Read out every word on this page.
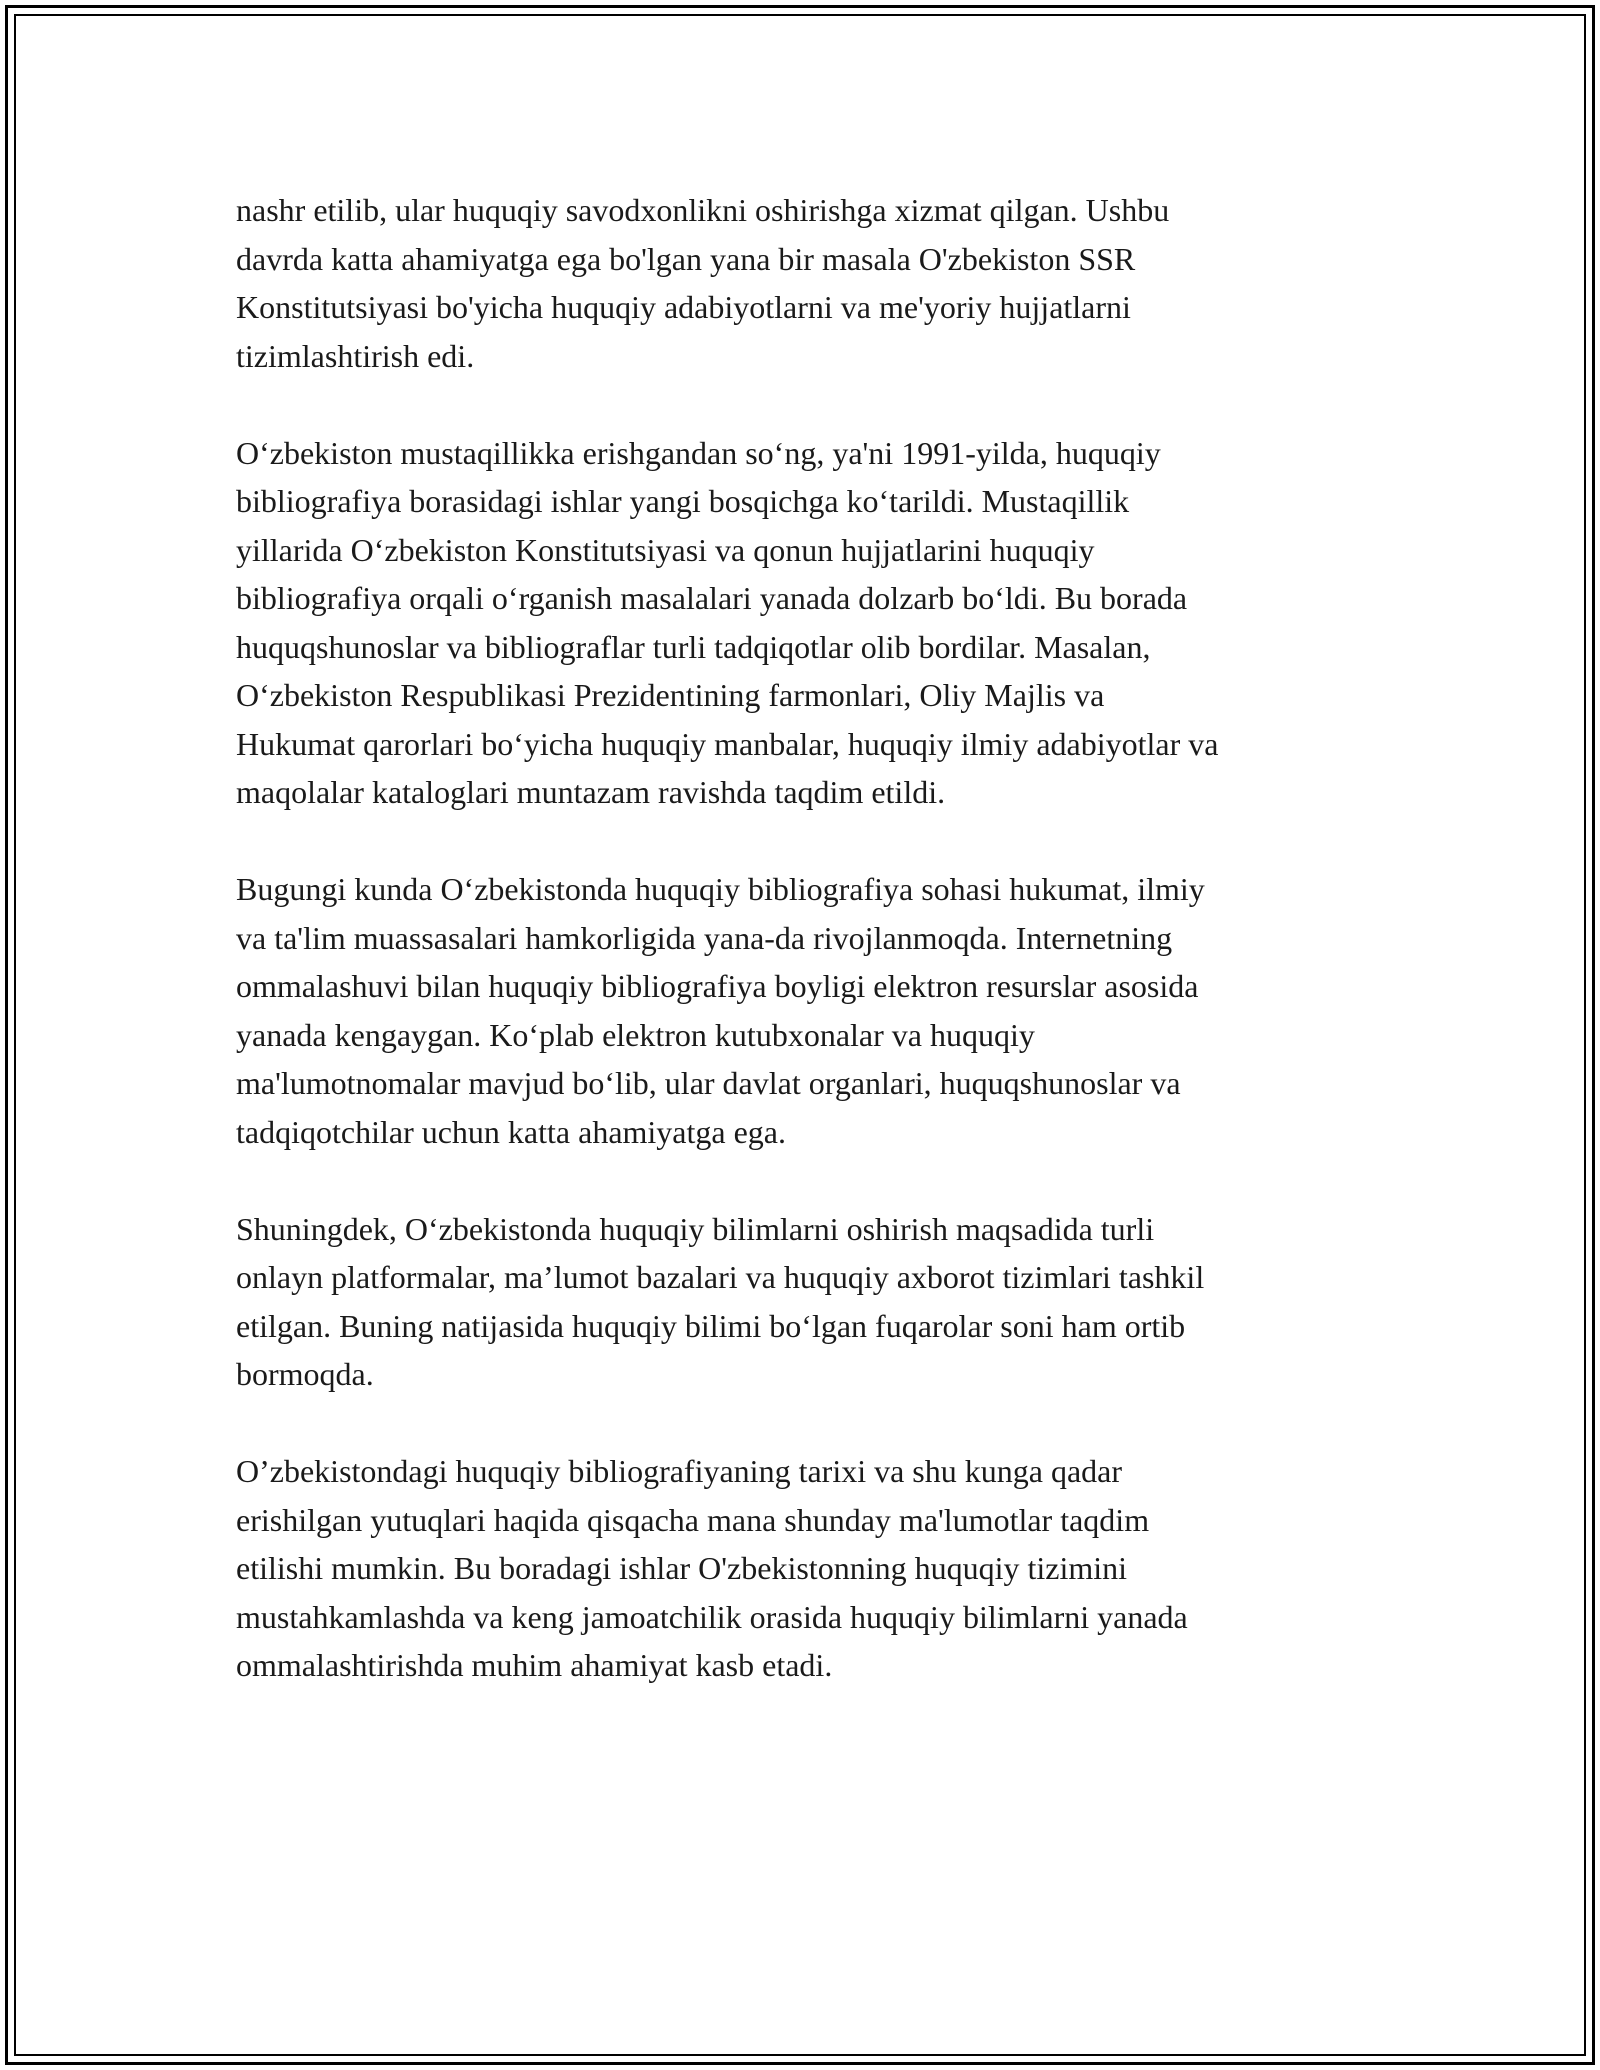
nashr etilib, ular huquqiy savodxonlikni oshirishga xizmat qilgan. Ushbu
davrda katta ahamiyatga ega bo'lgan yana bir masala O'zbekiston SSR
Konstitutsiyasi bo'yicha huquqiy adabiyotlarni va me'yoriy hujjatlarni
tizimlashtirish edi.

O‘zbekiston mustaqillikka erishgandan so‘ng, ya'ni 1991-yilda, huquqiy
bibliografiya borasidagi ishlar yangi bosqichga ko‘tarildi. Mustaqillik
yillarida O‘zbekiston Konstitutsiyasi va qonun hujjatlarini huquqiy
bibliografiya orqali o‘rganish masalalari yanada dolzarb bo‘ldi. Bu borada
huquqshunoslar va bibliograflar turli tadqiqotlar olib bordilar. Masalan,
O‘zbekiston Respublikasi Prezidentining farmonlari, Oliy Majlis va
Hukumat qarorlari bo‘yicha huquqiy manbalar, huquqiy ilmiy adabiyotlar va
maqolalar kataloglari muntazam ravishda taqdim etildi.

Bugungi kunda O‘zbekistonda huquqiy bibliografiya sohasi hukumat, ilmiy
va ta'lim muassasalari hamkorligida yana-da rivojlanmoqda. Internetning
ommalashuvi bilan huquqiy bibliografiya boyligi elektron resurslar asosida
yanada kengaygan. Ko‘plab elektron kutubxonalar va huquqiy
ma'lumotnomalar mavjud bo‘lib, ular davlat organlari, huquqshunoslar va
tadqiqotchilar uchun katta ahamiyatga ega.

Shuningdek, O‘zbekistonda huquqiy bilimlarni oshirish maqsadida turli
onlayn platformalar, ma’lumot bazalari va huquqiy axborot tizimlari tashkil
etilgan. Buning natijasida huquqiy bilimi bo‘lgan fuqarolar soni ham ortib
bormoqda.

O’zbekistondagi huquqiy bibliografiyaning tarixi va shu kunga qadar
erishilgan yutuqlari haqida qisqacha mana shunday ma'lumotlar taqdim
etilishi mumkin. Bu boradagi ishlar O'zbekistonning huquqiy tizimini
mustahkamlashda va keng jamoatchilik orasida huquqiy bilimlarni yanada
ommalashtirishda muhim ahamiyat kasb etadi.
